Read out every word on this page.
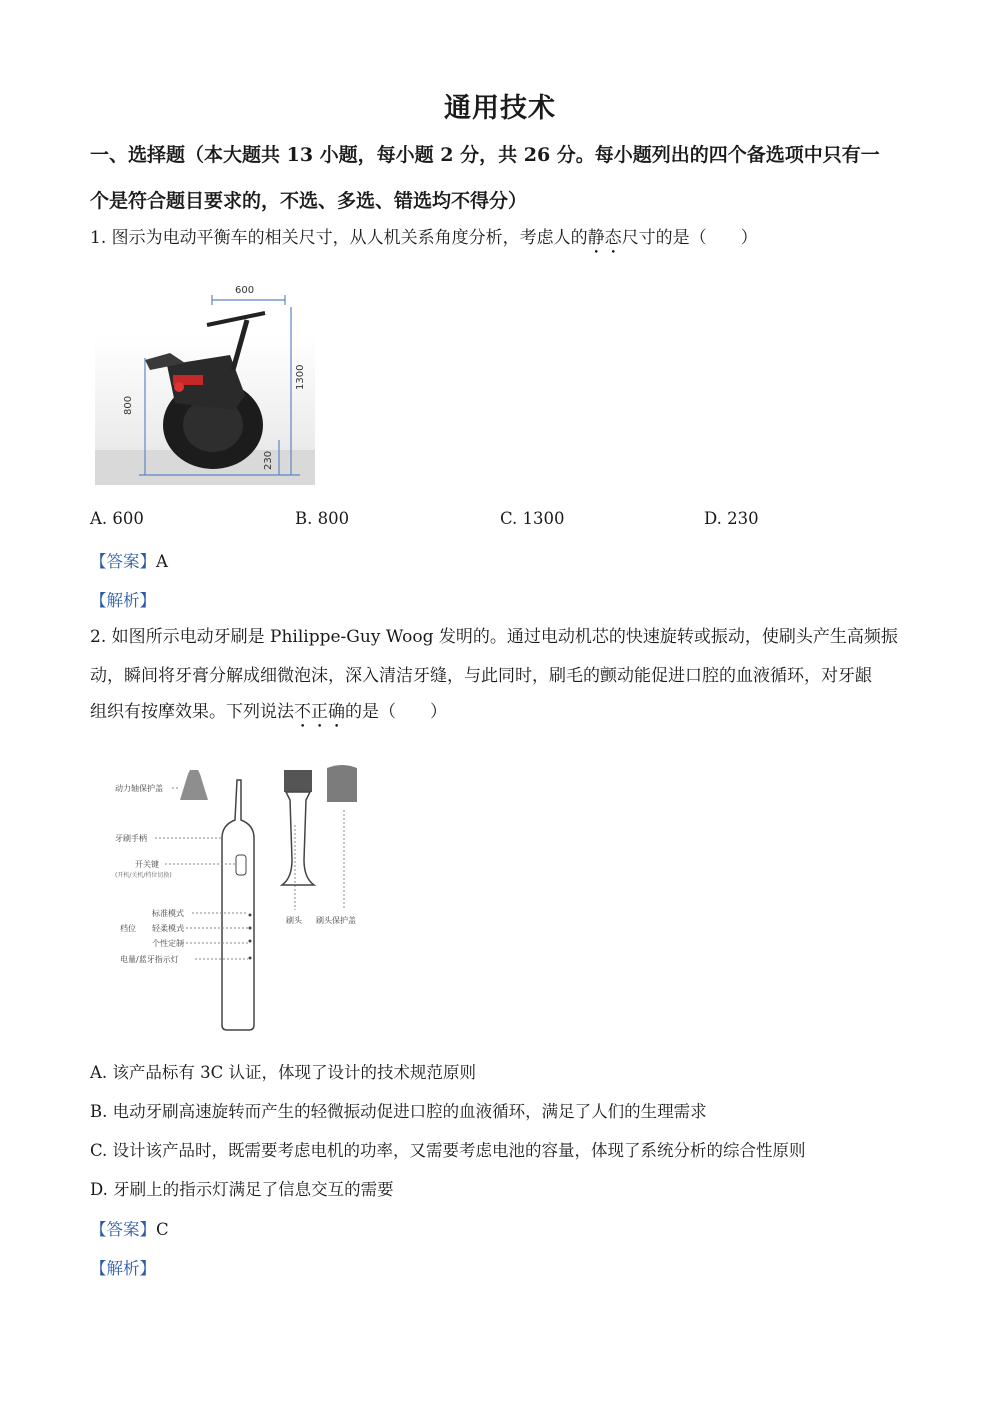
通用技术
一、选择题（本大题共 13 小题，每小题 2 分，共 26 分。每小题列出的四个备选项中只有一
个是符合题目要求的，不选、多选、错选均不得分）
1. 图示为电动平衡车的相关尺寸，从人机关系角度分析，考虑人的静态尺寸的是（　　）
600
800
1300
230
A. 600	B. 800	C. 1300	D. 230
【答案】A
【解析】
2. 如图所示电动牙刷是 Philippe-Guy Woog 发明的。通过电动机芯的快速旋转或振动，使刷头产生高频振
动，瞬间将牙膏分解成细微泡沫，深入清洁牙缝，与此同时，刷毛的颤动能促进口腔的血液循环，对牙龈
组织有按摩效果。下列说法不正确的是（　　）
动力轴保护盖
牙刷手柄
开关键
(开机/关机/档位切换)
档位
标准模式
轻柔模式
个性定制
电量/蓝牙指示灯
刷头 刷头保护盖
A. 该产品标有 3C 认证，体现了设计的技术规范原则
B. 电动牙刷高速旋转而产生的轻微振动促进口腔的血液循环，满足了人们的生理需求
C. 设计该产品时，既需要考虑电机的功率，又需要考虑电池的容量，体现了系统分析的综合性原则
D. 牙刷上的指示灯满足了信息交互的需要
【答案】C
【解析】
